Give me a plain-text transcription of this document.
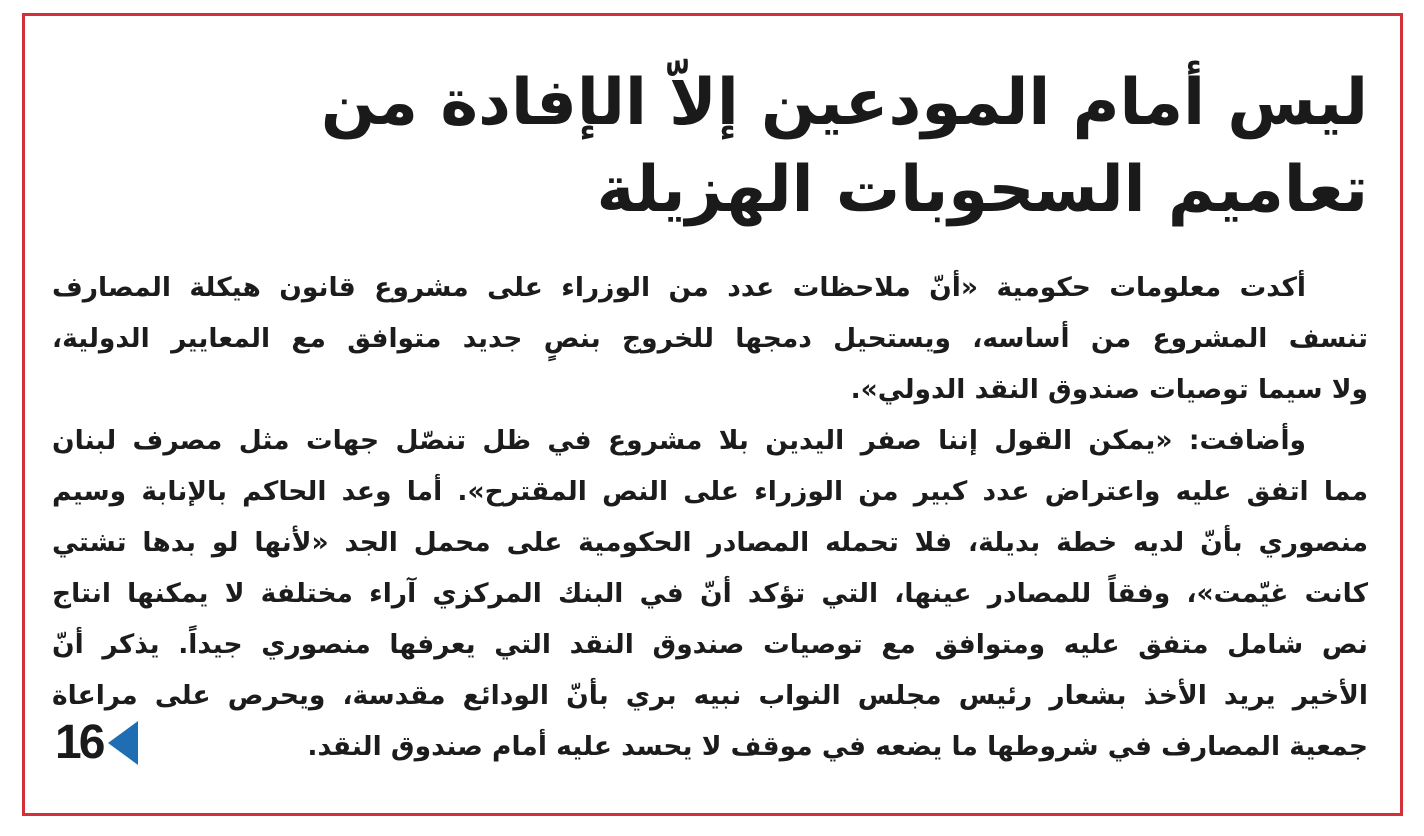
ليس أمام المودعين إلاّ الإفادة من تعاميم السحوبات الهزيلة
أكدت معلومات حكومية «أنّ ملاحظات عدد من الوزراء على مشروع قانون هيكلة المصارف
تنسف المشروع من أساسه، ويستحيل دمجها للخروج بنصٍ جديد متوافق مع المعايير الدولية،
ولا سيما توصيات صندوق النقد الدولي».
وأضافت: «يمكن القول إننا صفر اليدين بلا مشروع في ظل تنصّل جهات مثل مصرف لبنان
مما اتفق عليه واعتراض عدد كبير من الوزراء على النص المقترح». أما وعد الحاكم بالإنابة وسيم
منصوري بأنّ لديه خطة بديلة، فلا تحمله المصادر الحكومية على محمل الجد «لأنها لو بدها تشتي
كانت غيّمت»، وفقاً للمصادر عينها، التي تؤكد أنّ في البنك المركزي آراء مختلفة لا يمكنها انتاج
نص شامل متفق عليه ومتوافق مع توصيات صندوق النقد التي يعرفها منصوري جيداً. يذكر أنّ
الأخير يريد الأخذ بشعار رئيس مجلس النواب نبيه بري بأنّ الودائع مقدسة، ويحرص على مراعاة
جمعية المصارف في شروطها ما يضعه في موقف لا يحسد عليه أمام صندوق النقد.
16
